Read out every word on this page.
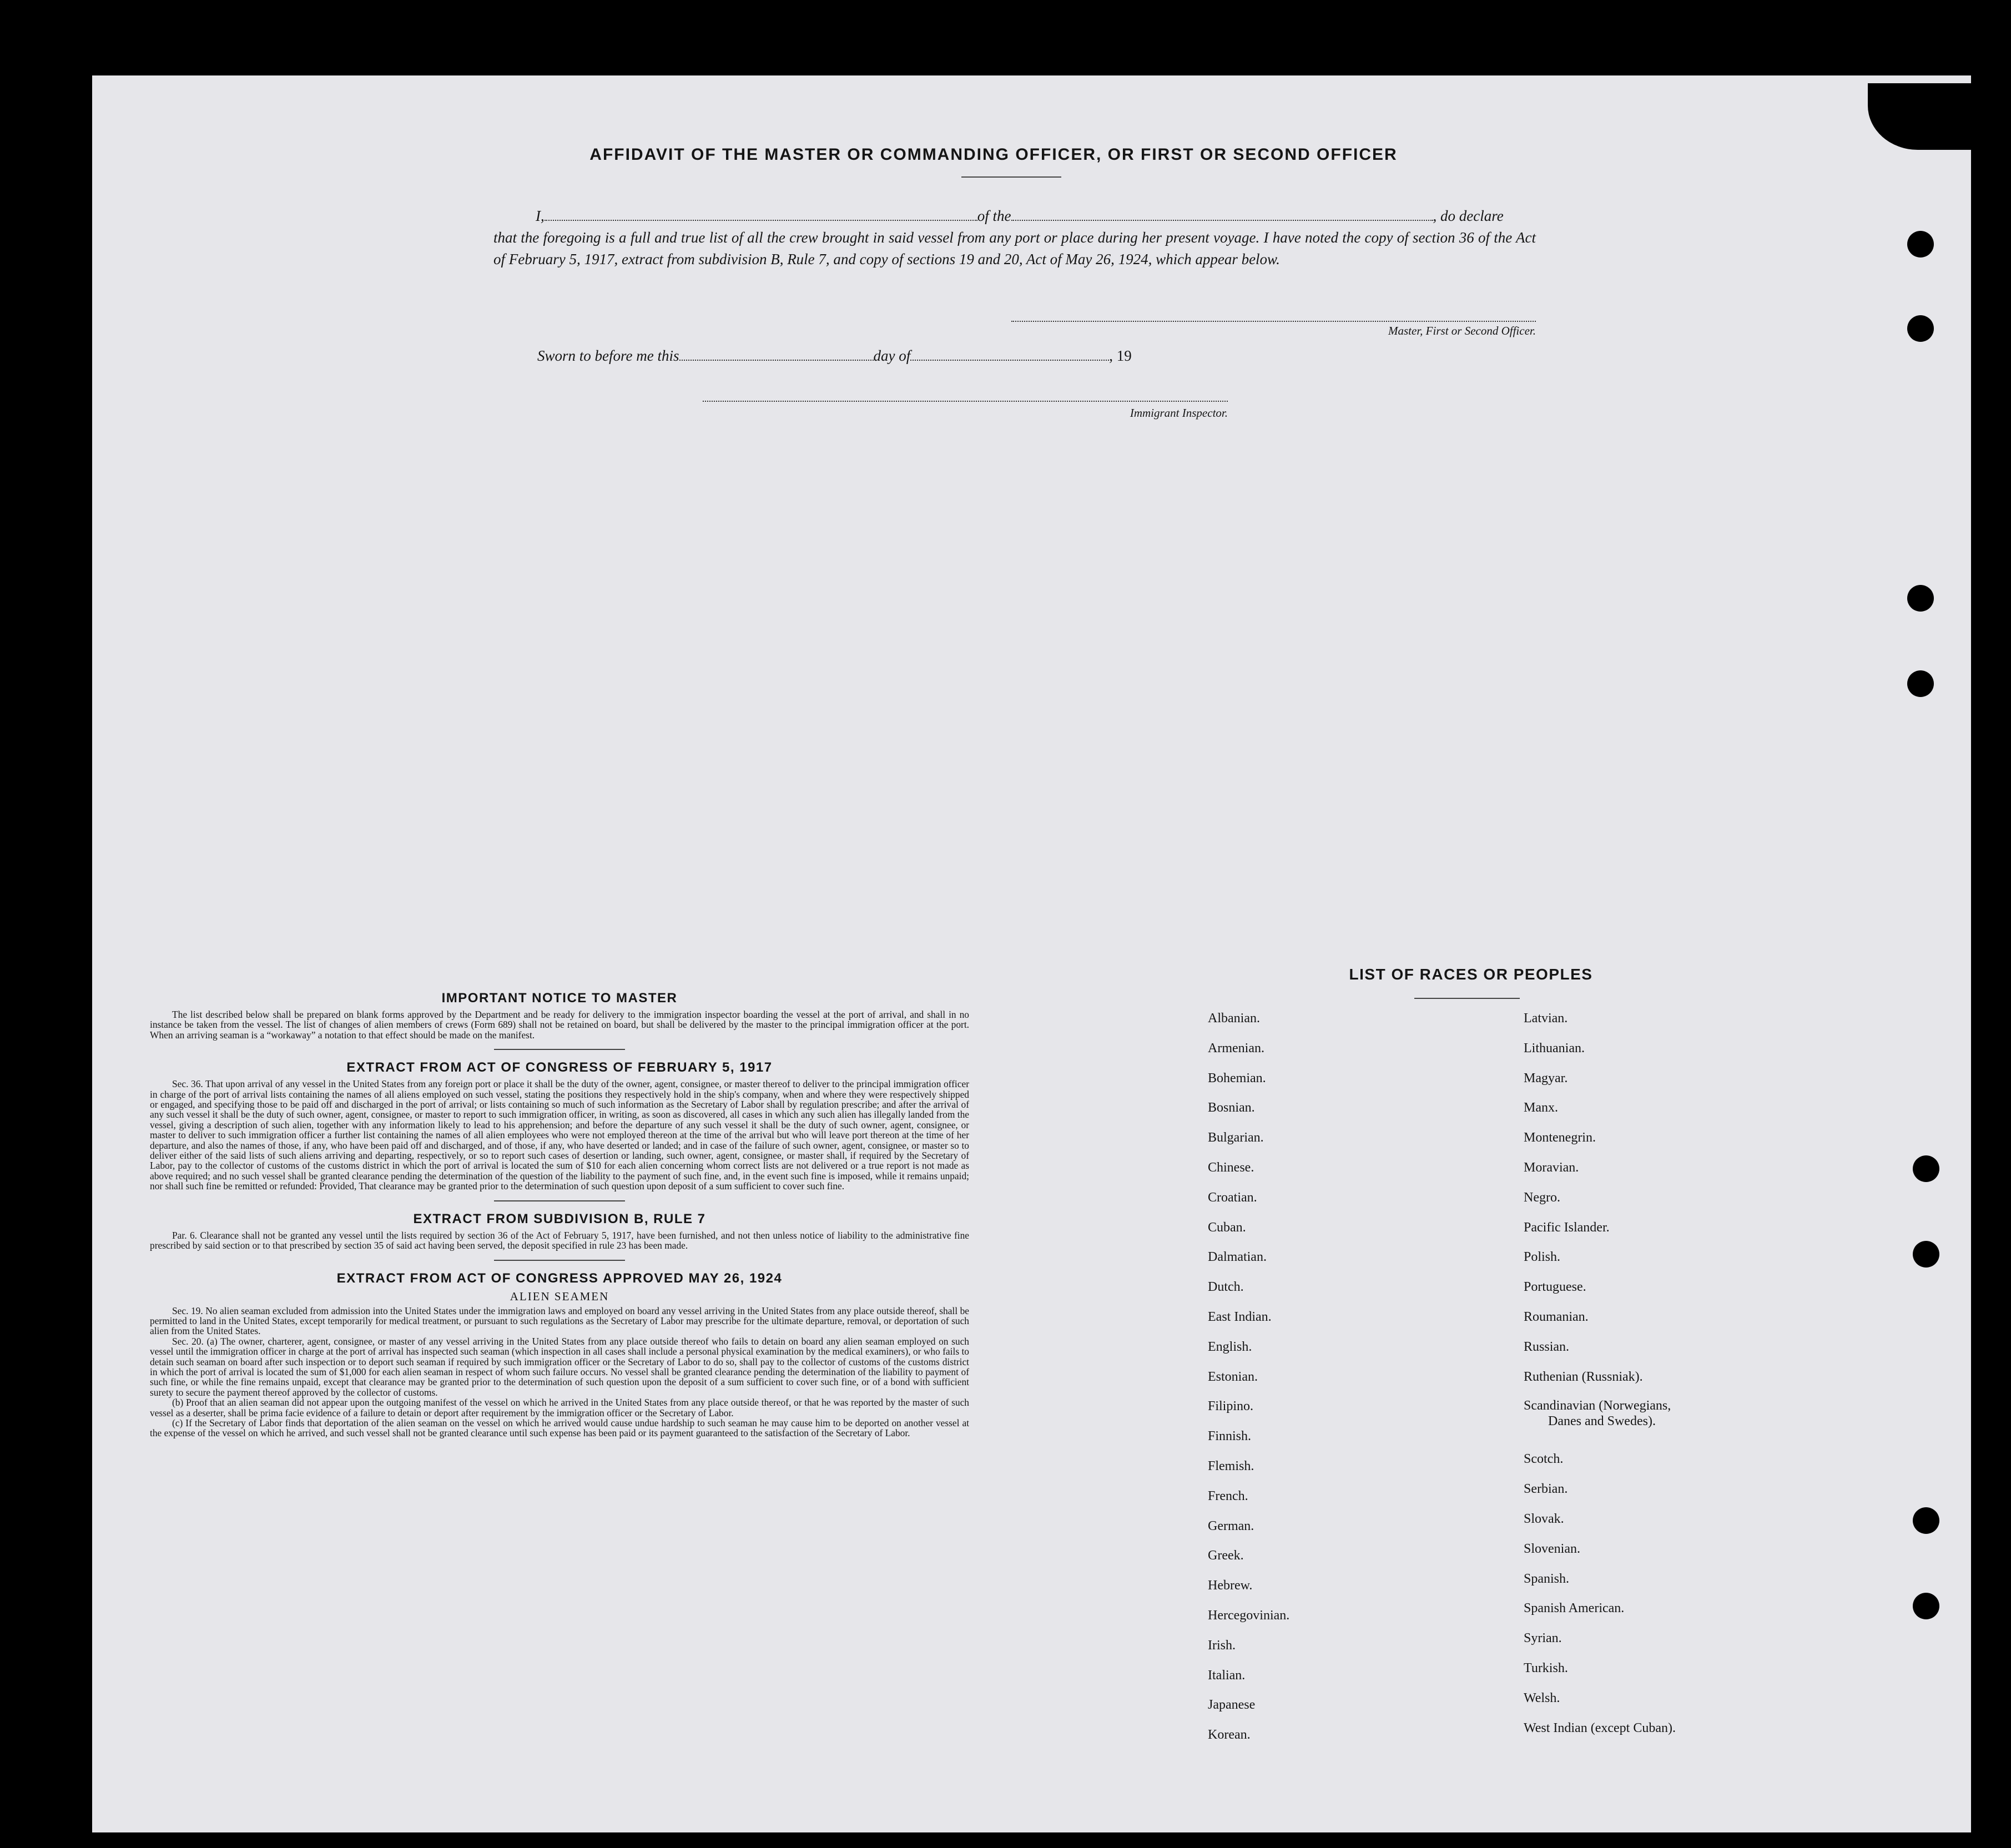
AFFIDAVIT OF THE MASTER OR COMMANDING OFFICER, OR FIRST OR SECOND OFFICER
I,	of the	, do declare
that the foregoing is a full and true list of all the crew brought in said vessel from any port or place during her present voyage. I have noted the copy of section 36 of the Act of February 5, 1917, extract from subdivision B, Rule 7, and copy of sections 19 and 20, Act of May 26, 1924, which appear below.
Master, First or Second Officer.
Sworn to before me this	day of	, 19
Immigrant Inspector.
IMPORTANT NOTICE TO MASTER

The list described below shall be prepared on blank forms approved by the Department and be ready for delivery to the immigration inspector boarding the vessel at the port of arrival, and shall in no instance be taken from the vessel. The list of changes of alien members of crews (Form 689) shall not be retained on board, but shall be delivered by the master to the principal immigration officer at the port. When an arriving seaman is a “workaway” a notation to that effect should be made on the manifest.

EXTRACT FROM ACT OF CONGRESS OF FEBRUARY 5, 1917

Sec. 36. That upon arrival of any vessel in the United States from any foreign port or place it shall be the duty of the owner, agent, consignee, or master thereof to deliver to the principal immigration officer in charge of the port of arrival lists containing the names of all aliens employed on such vessel, stating the positions they respectively hold in the ship's company, when and where they were respectively shipped or engaged, and specifying those to be paid off and discharged in the port of arrival; or lists containing so much of such information as the Secretary of Labor shall by regulation prescribe; and after the arrival of any such vessel it shall be the duty of such owner, agent, consignee, or master to report to such immigration officer, in writing, as soon as discovered, all cases in which any such alien has illegally landed from the vessel, giving a description of such alien, together with any information likely to lead to his apprehension; and before the departure of any such vessel it shall be the duty of such owner, agent, consignee, or master to deliver to such immigration officer a further list containing the names of all alien employees who were not employed thereon at the time of the arrival but who will leave port thereon at the time of her departure, and also the names of those, if any, who have been paid off and discharged, and of those, if any, who have deserted or landed; and in case of the failure of such owner, agent, consignee, or master so to deliver either of the said lists of such aliens arriving and departing, respectively, or so to report such cases of desertion or landing, such owner, agent, consignee, or master shall, if required by the Secretary of Labor, pay to the collector of customs of the customs district in which the port of arrival is located the sum of $10 for each alien concerning whom correct lists are not delivered or a true report is not made as above required; and no such vessel shall be granted clearance pending the determination of the question of the liability to the payment of such fine, and, in the event such fine is imposed, while it remains unpaid; nor shall such fine be remitted or refunded: Provided, That clearance may be granted prior to the determination of such question upon deposit of a sum sufficient to cover such fine.

EXTRACT FROM SUBDIVISION B, RULE 7

Par. 6. Clearance shall not be granted any vessel until the lists required by section 36 of the Act of February 5, 1917, have been furnished, and not then unless notice of liability to the administrative fine prescribed by said section or to that prescribed by section 35 of said act having been served, the deposit specified in rule 23 has been made.

EXTRACT FROM ACT OF CONGRESS APPROVED MAY 26, 1924
ALIEN SEAMEN

Sec. 19. No alien seaman excluded from admission into the United States under the immigration laws and employed on board any vessel arriving in the United States from any place outside thereof, shall be permitted to land in the United States, except temporarily for medical treatment, or pursuant to such regulations as the Secretary of Labor may prescribe for the ultimate departure, removal, or deportation of such alien from the United States.

Sec. 20. (a) The owner, charterer, agent, consignee, or master of any vessel arriving in the United States from any place outside thereof who fails to detain on board any alien seaman employed on such vessel until the immigration officer in charge at the port of arrival has inspected such seaman (which inspection in all cases shall include a personal physical examination by the medical examiners), or who fails to detain such seaman on board after such inspection or to deport such seaman if required by such immigration officer or the Secretary of Labor to do so, shall pay to the collector of customs of the customs district in which the port of arrival is located the sum of $1,000 for each alien seaman in respect of whom such failure occurs. No vessel shall be granted clearance pending the determination of the liability to payment of such fine, or while the fine remains unpaid, except that clearance may be granted prior to the determination of such question upon the deposit of a sum sufficient to cover such fine, or of a bond with sufficient surety to secure the payment thereof approved by the collector of customs.

(b) Proof that an alien seaman did not appear upon the outgoing manifest of the vessel on which he arrived in the United States from any place outside thereof, or that he was reported by the master of such vessel as a deserter, shall be prima facie evidence of a failure to detain or deport after requirement by the immigration officer or the Secretary of Labor.

(c) If the Secretary of Labor finds that deportation of the alien seaman on the vessel on which he arrived would cause undue hardship to such seaman he may cause him to be deported on another vessel at the expense of the vessel on which he arrived, and such vessel shall not be granted clearance until such expense has been paid or its payment guaranteed to the satisfaction of the Secretary of Labor.

LIST OF RACES OR PEOPLES
Albanian.
Armenian.
Bohemian.
Bosnian.
Bulgarian.
Chinese.
Croatian.
Cuban.
Dalmatian.
Dutch.
East Indian.
English.
Estonian.
Filipino.
Finnish.
Flemish.
French.
German.
Greek.
Hebrew.
Hercegovinian.
Irish.
Italian.
Japanese
Korean.
Latvian.
Lithuanian.
Magyar.
Manx.
Montenegrin.
Moravian.
Negro.
Pacific Islander.
Polish.
Portuguese.
Roumanian.
Russian.
Ruthenian (Russniak).
Scandinavian (Norwegians,
Danes and Swedes).
Scotch.
Serbian.
Slovak.
Slovenian.
Spanish.
Spanish American.
Syrian.
Turkish.
Welsh.
West Indian (except Cuban).
